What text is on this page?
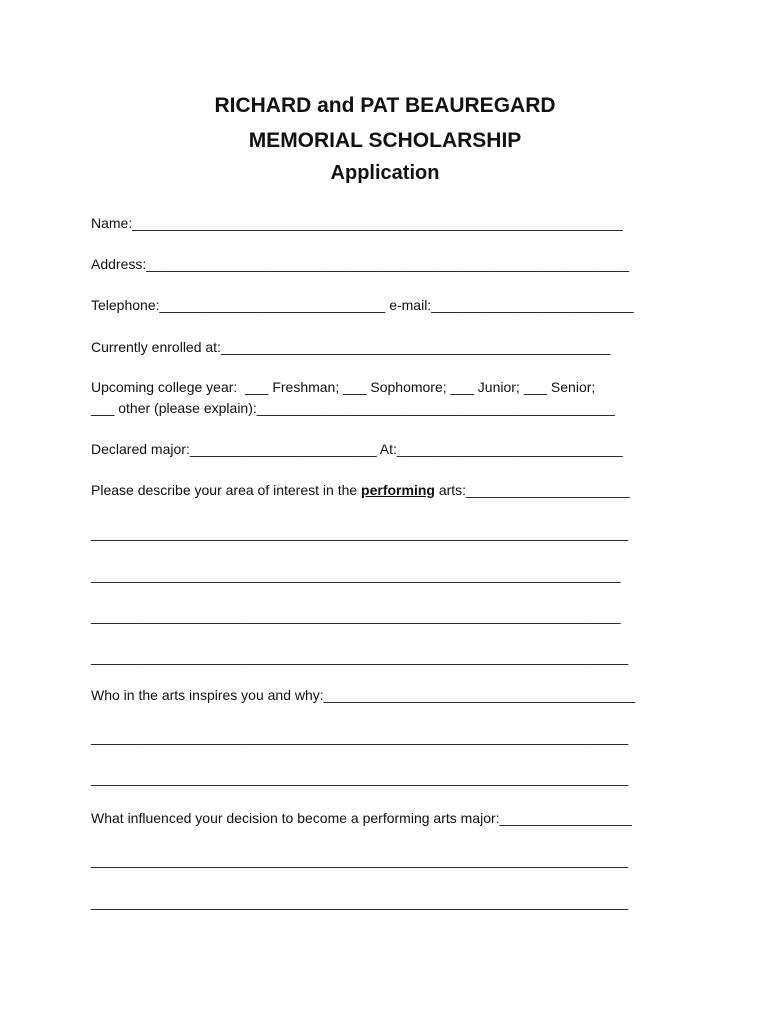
RICHARD and PAT BEAUREGARD
MEMORIAL SCHOLARSHIP
Application
Name:_______________________________________________________________
Address:______________________________________________________________
Telephone:_____________________________ e-mail:__________________________
Currently enrolled at:__________________________________________________
Upcoming college year:  ___ Freshman; ___ Sophomore; ___ Junior; ___ Senior;
___ other (please explain):______________________________________________
Declared major:________________________ At:_____________________________
Please describe your area of interest in the performing arts:_____________________
_____________________________________________________________________
____________________________________________________________________
____________________________________________________________________
_____________________________________________________________________
Who in the arts inspires you and why:________________________________________
_____________________________________________________________________
_____________________________________________________________________
What influenced your decision to become a performing arts major:_________________
_____________________________________________________________________
_____________________________________________________________________
